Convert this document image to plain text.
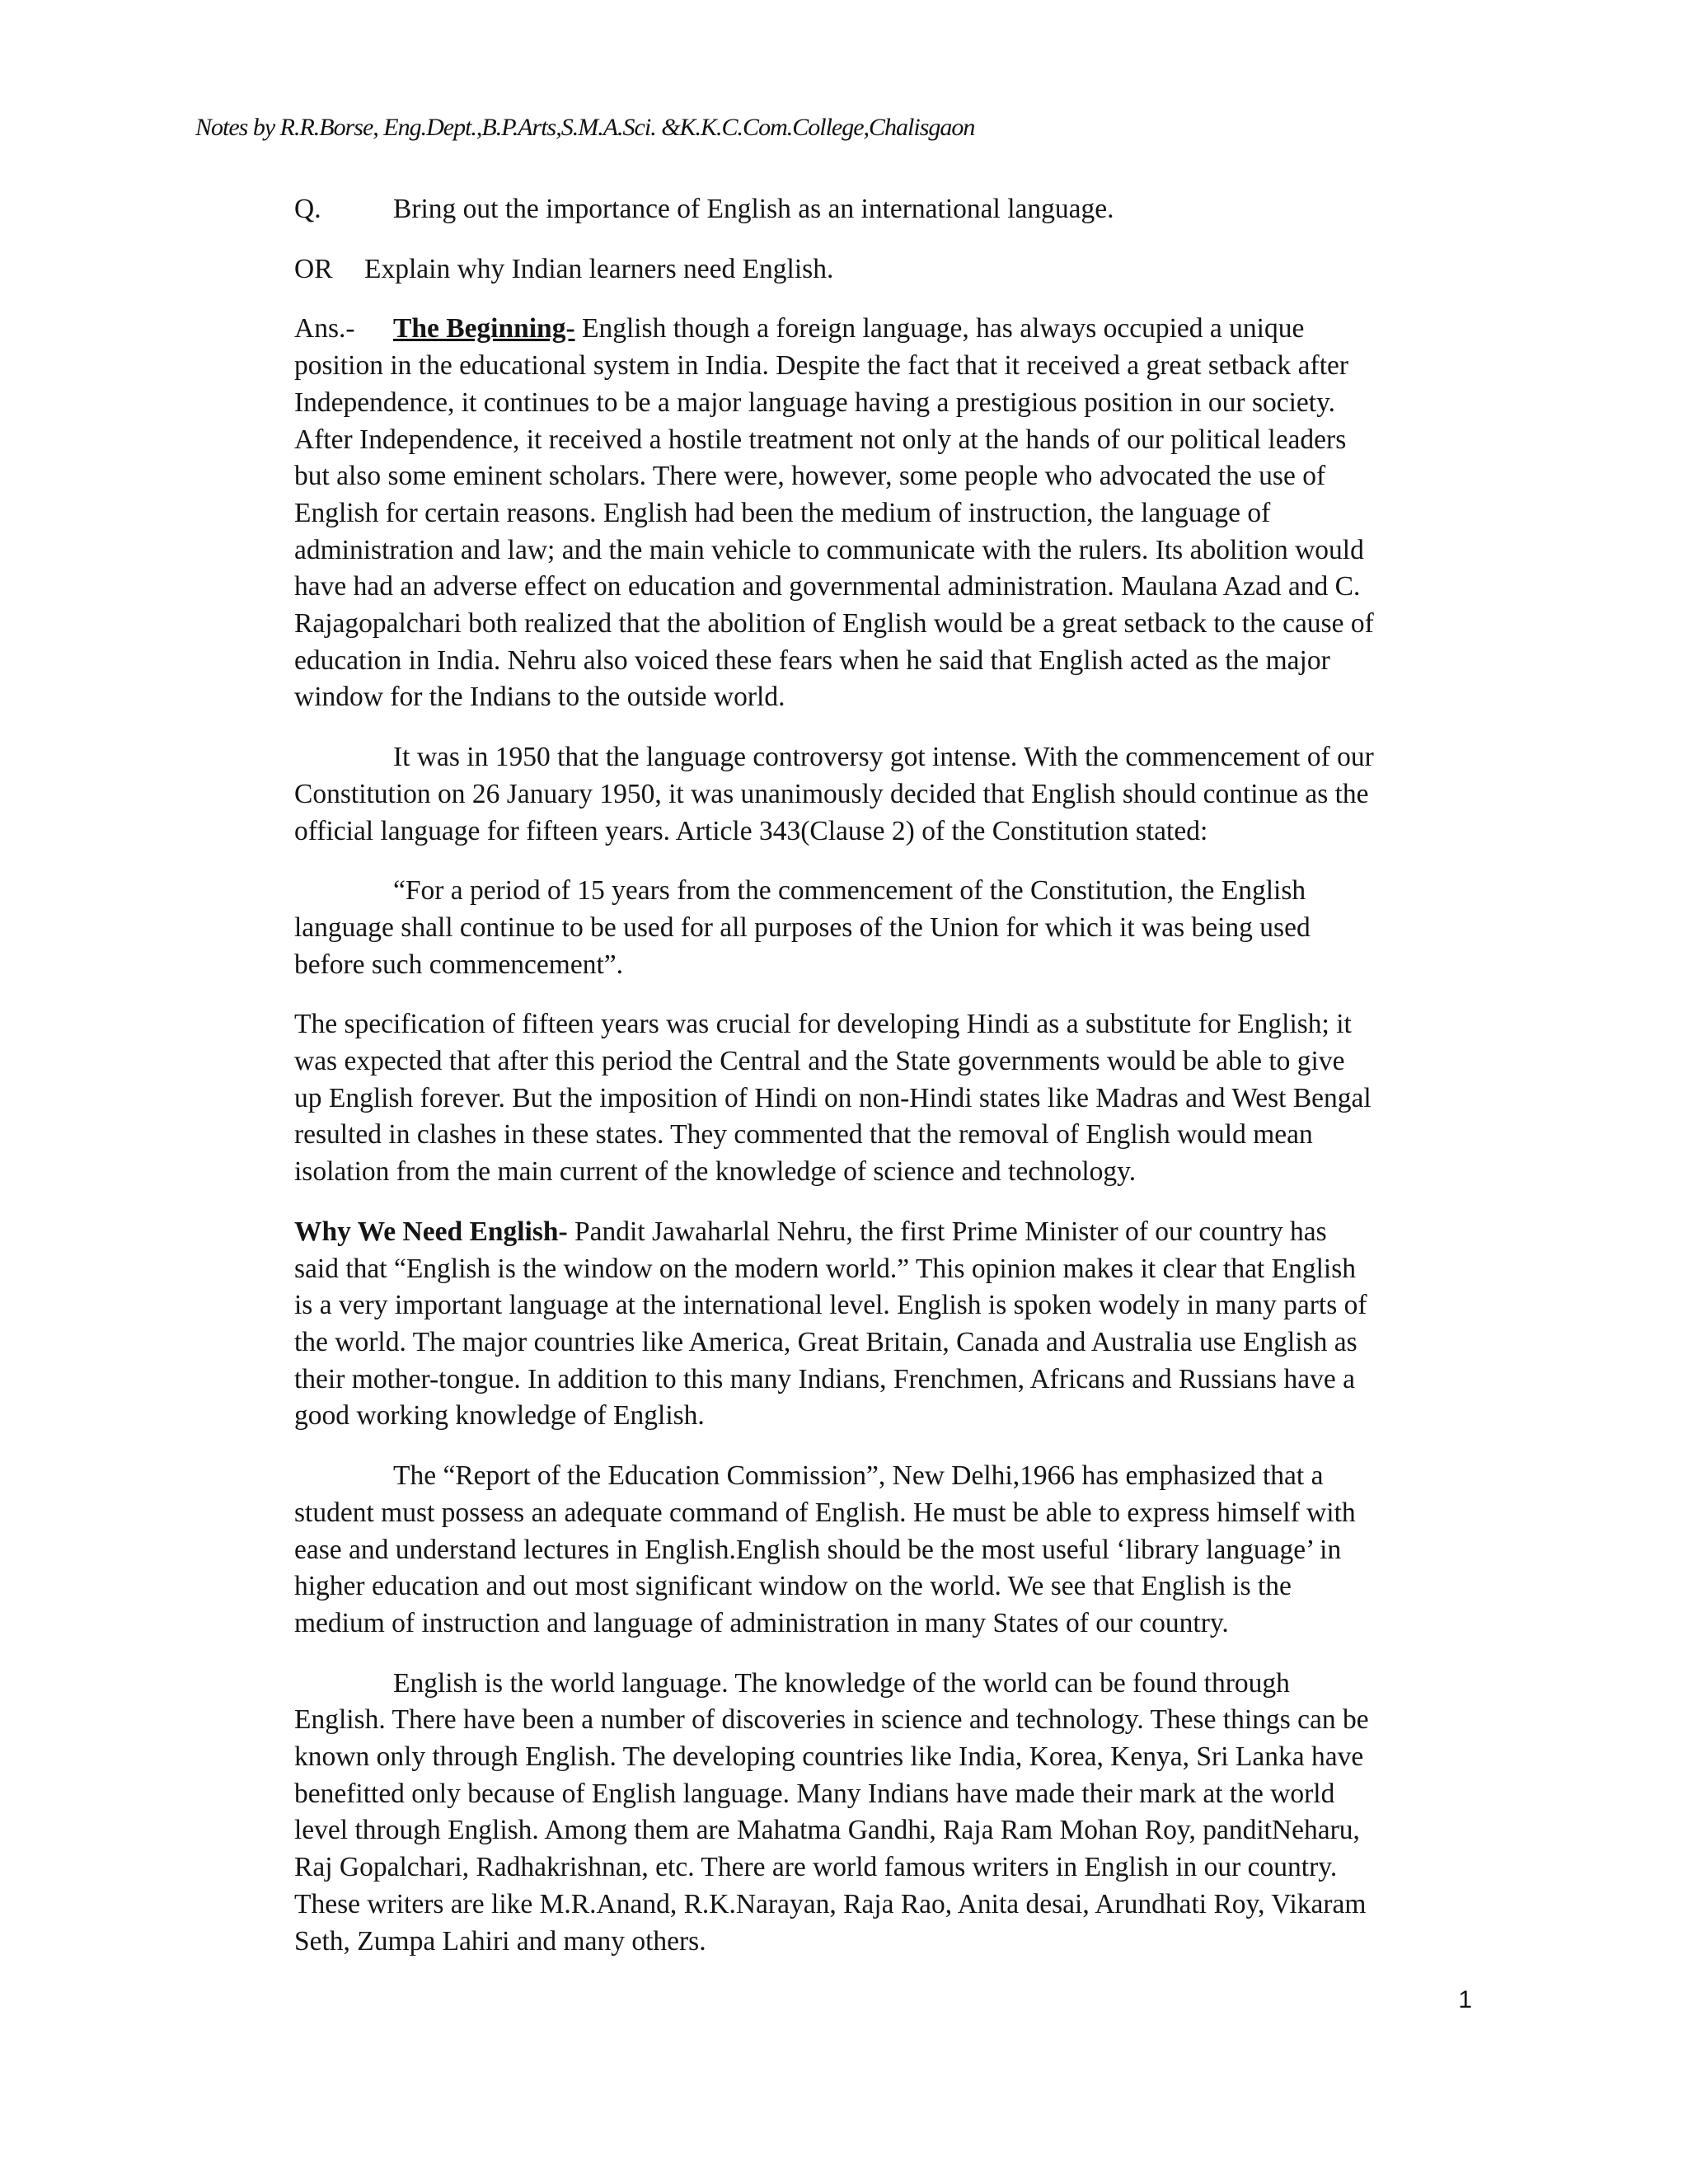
Notes by R.R.Borse, Eng.Dept.,B.P.Arts,S.M.A.Sci. &K.K.C.Com.College,Chalisgaon

Q.	Bring out the importance of English as an international language.

OR Explain why Indian learners need English.

Ans.- The Beginning- English though a foreign language, has always occupied a unique
position in the educational system in India. Despite the fact that it received a great setback after
Independence, it continues to be a major language having a prestigious position in our society.
After Independence, it received a hostile treatment not only at the hands of our political leaders
but also some eminent scholars. There were, however, some people who advocated the use of
English for certain reasons. English had been the medium of instruction, the language of
administration and law; and the main vehicle to communicate with the rulers. Its abolition would
have had an adverse effect on education and governmental administration. Maulana Azad and C.
Rajagopalchari both realized that the abolition of English would be a great setback to the cause of
education in India. Nehru also voiced these fears when he said that English acted as the major
window for the Indians to the outside world.
It was in 1950 that the language controversy got intense. With the commencement of our
Constitution on 26 January 1950, it was unanimously decided that English should continue as the
official language for fifteen years. Article 343(Clause 2) of the Constitution stated:
“For a period of 15 years from the commencement of the Constitution, the English
language shall continue to be used for all purposes of the Union for which it was being used
before such commencement”.
The specification of fifteen years was crucial for developing Hindi as a substitute for English; it
was expected that after this period the Central and the State governments would be able to give
up English forever. But the imposition of Hindi on non-Hindi states like Madras and West Bengal
resulted in clashes in these states. They commented that the removal of English would mean
isolation from the main current of the knowledge of science and technology.
Why We Need English- Pandit Jawaharlal Nehru, the first Prime Minister of our country has
said that “English is the window on the modern world.” This opinion makes it clear that English
is a very important language at the international level. English is spoken wodely in many parts of
the world. The major countries like America, Great Britain, Canada and Australia use English as
their mother-tongue. In addition to this many Indians, Frenchmen, Africans and Russians have a
good working knowledge of English.
The “Report of the Education Commission”, New Delhi,1966 has emphasized that a
student must possess an adequate command of English. He must be able to express himself with
ease and understand lectures in English.English should be the most useful ‘library language’ in
higher education and out most significant window on the world. We see that English is the
medium of instruction and language of administration in many States of our country.
English is the world language. The knowledge of the world can be found through
English. There have been a number of discoveries in science and technology. These things can be
known only through English. The developing countries like India, Korea, Kenya, Sri Lanka have
benefitted only because of English language. Many Indians have made their mark at the world
level through English. Among them are Mahatma Gandhi, Raja Ram Mohan Roy, panditNeharu,
Raj Gopalchari, Radhakrishnan, etc. There are world famous writers in English in our country.
These writers are like M.R.Anand, R.K.Narayan, Raja Rao, Anita desai, Arundhati Roy, Vikaram
Seth, Zumpa Lahiri and many others.
1
